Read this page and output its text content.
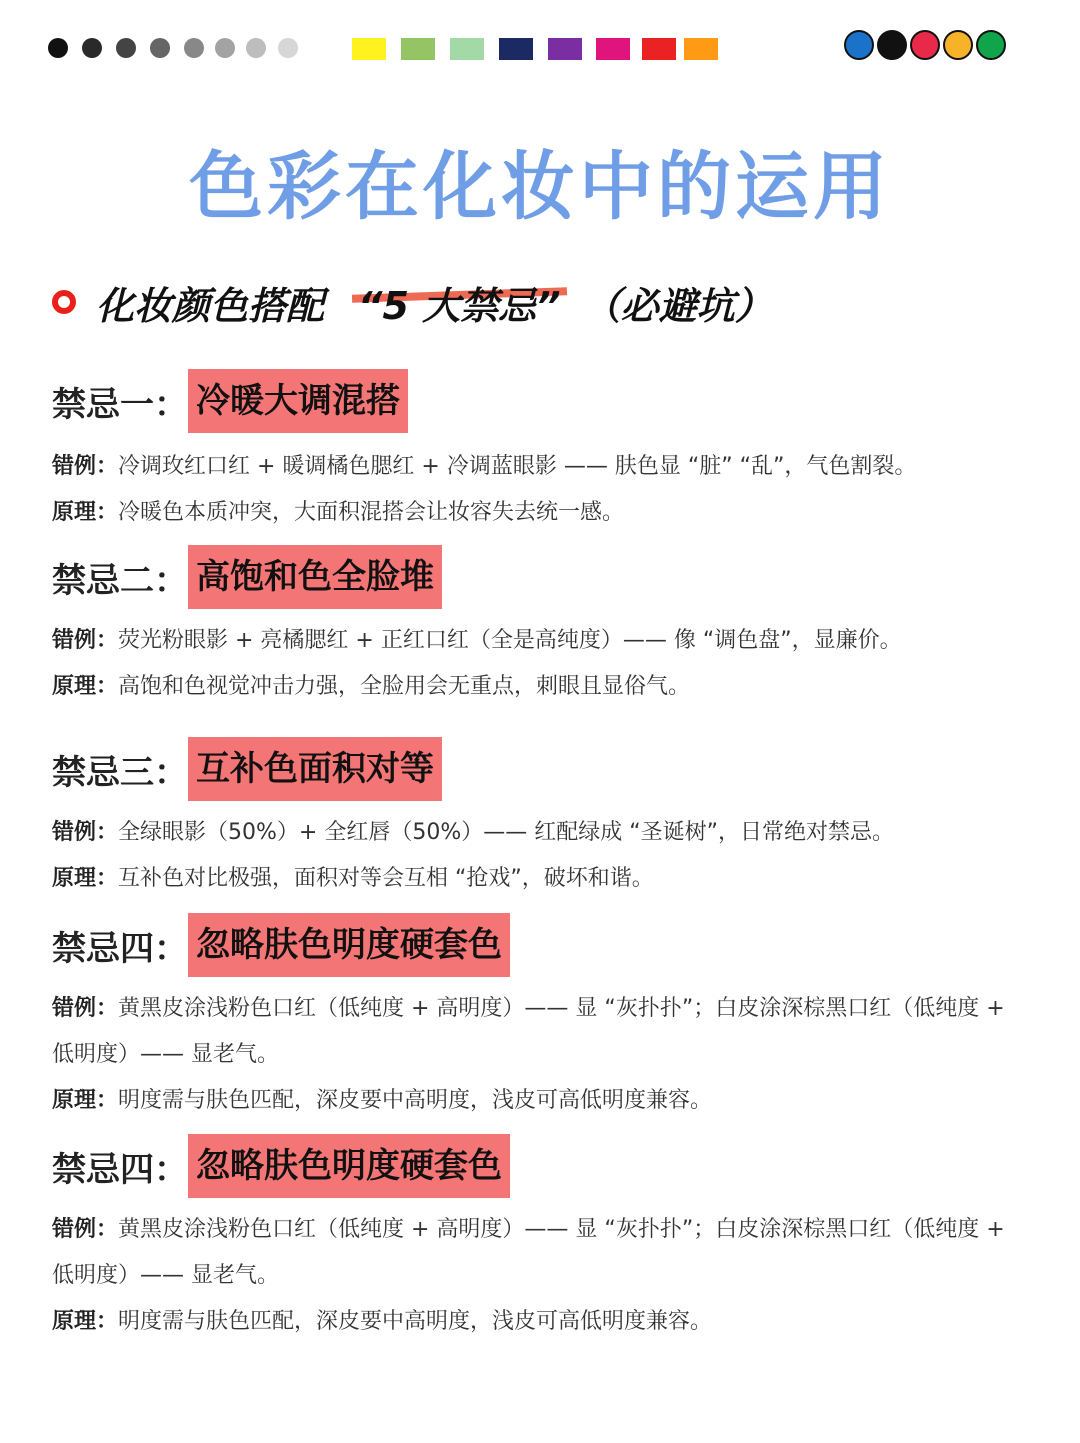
色彩在化妆中的运用
化妆颜色搭配 “5 大禁忌” （必避坑）
禁忌一： 冷暖大调混搭
错例：冷调玫红口红 + 暖调橘色腮红 + 冷调蓝眼影 —— 肤色显 “脏” “乱”，气色割裂。
原理：冷暖色本质冲突，大面积混搭会让妆容失去统一感。
禁忌二： 高饱和色全脸堆
错例：荧光粉眼影 + 亮橘腮红 + 正红口红（全是高纯度）—— 像 “调色盘”，显廉价。
原理：高饱和色视觉冲击力强，全脸用会无重点，刺眼且显俗气。
禁忌三： 互补色面积对等
错例：全绿眼影（50%）+ 全红唇（50%）—— 红配绿成 “圣诞树”，日常绝对禁忌。
原理：互补色对比极强，面积对等会互相 “抢戏”，破坏和谐。
禁忌四： 忽略肤色明度硬套色
错例：黄黑皮涂浅粉色口红（低纯度 + 高明度）—— 显 “灰扑扑”；白皮涂深棕黑口红（低纯度 + 低明度）—— 显老气。
原理：明度需与肤色匹配，深皮要中高明度，浅皮可高低明度兼容。
禁忌四： 忽略肤色明度硬套色
错例：黄黑皮涂浅粉色口红（低纯度 + 高明度）—— 显 “灰扑扑”；白皮涂深棕黑口红（低纯度 + 低明度）—— 显老气。
原理：明度需与肤色匹配，深皮要中高明度，浅皮可高低明度兼容。
